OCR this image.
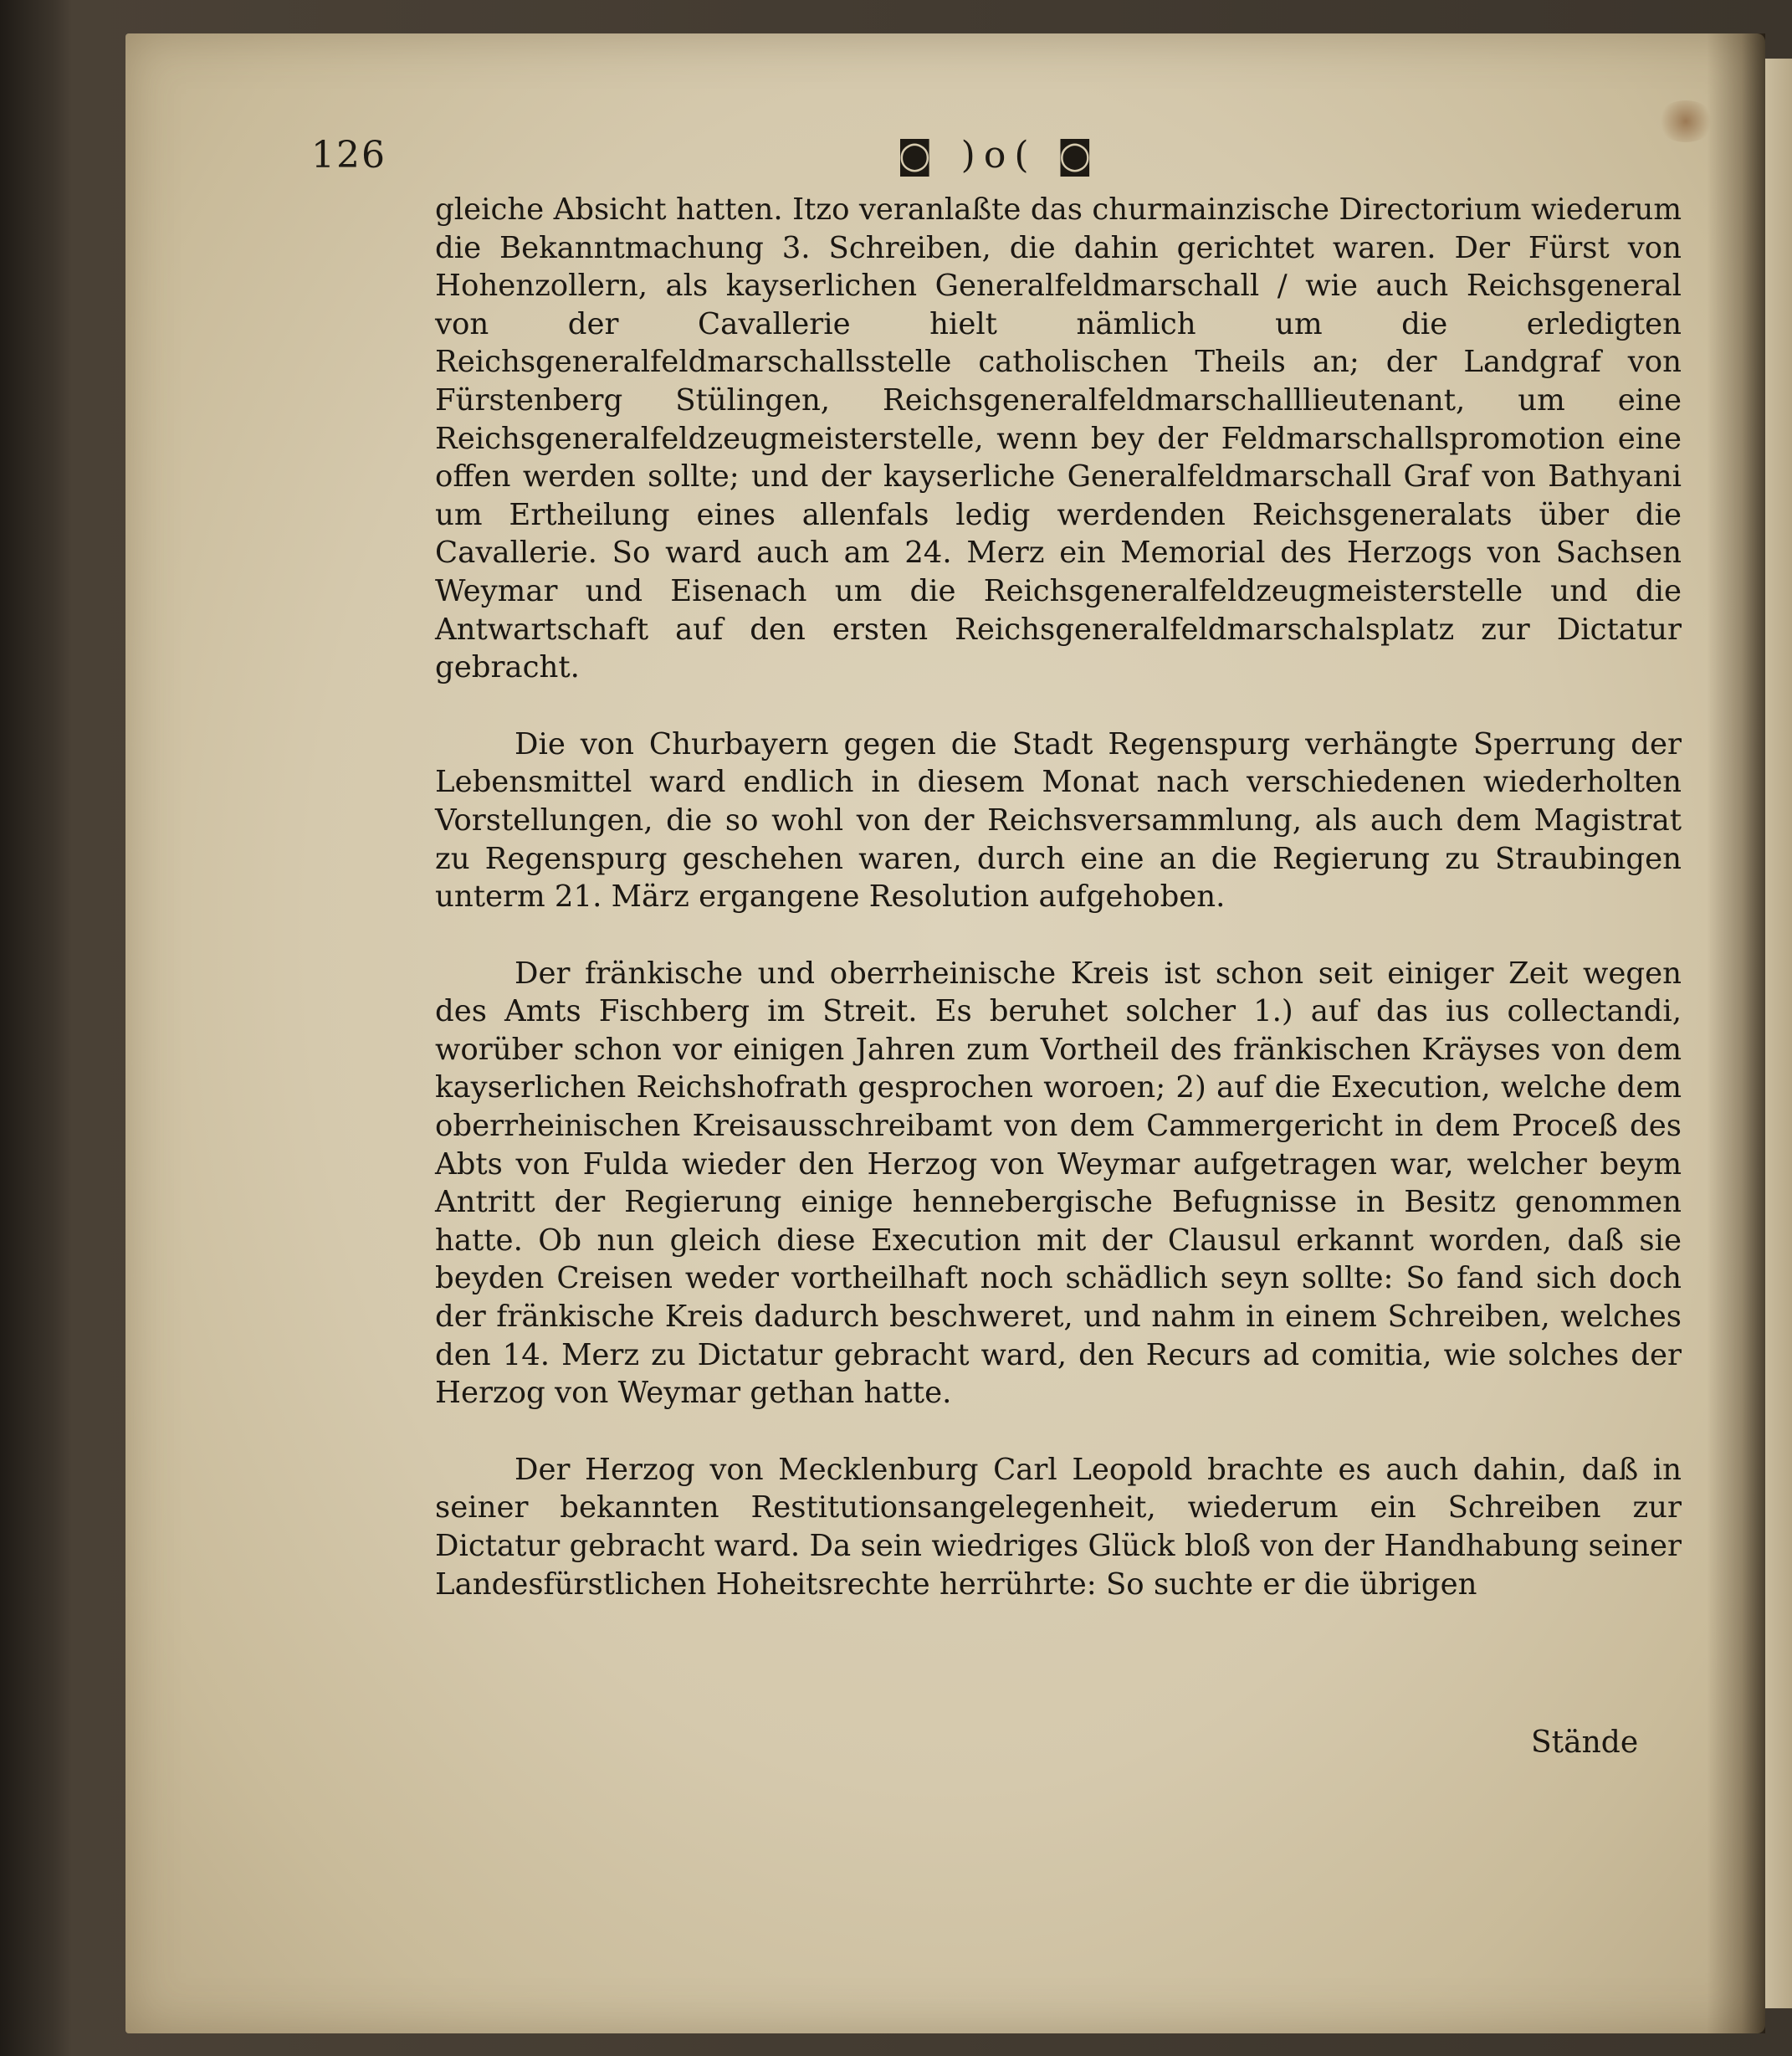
126	◙ )o( ◙

gleiche Absicht hatten. Itzo veranlaßte das churmainzische Directorium wiederum die Bekanntmachung 3. Schreiben, die dahin gerichtet waren. Der Fürst von Hohenzollern, als kayserlichen Generalfeldmarschall / wie auch Reichsgeneral von der Cavallerie hielt nämlich um die erledigten Reichsgeneralfeldmarschallsstelle catholischen Theils an; der Landgraf von Fürstenberg Stülingen, Reichsgeneralfeldmarschalllieutenant, um eine Reichsgeneralfeldzeugmeisterstelle, wenn bey der Feldmarschallspromotion eine offen werden sollte; und der kayserliche Generalfeldmarschall Graf von Bathyani um Ertheilung eines allenfals ledig werdenden Reichsgeneralats über die Cavallerie. So ward auch am 24. Merz ein Memorial des Herzogs von Sachsen Weymar und Eisenach um die Reichsgeneralfeldzeugmeisterstelle und die Antwartschaft auf den ersten Reichsgeneralfeldmarschalsplatz zur Dictatur gebracht.

Die von Churbayern gegen die Stadt Regenspurg verhängte Sperrung der Lebensmittel ward endlich in diesem Monat nach verschiedenen wiederholten Vorstellungen, die so wohl von der Reichsversammlung, als auch dem Magistrat zu Regenspurg geschehen waren, durch eine an die Regierung zu Straubingen unterm 21. März ergangene Resolution aufgehoben.

Der fränkische und oberrheinische Kreis ist schon seit einiger Zeit wegen des Amts Fischberg im Streit. Es beruhet solcher 1.) auf das ius collectandi, worüber schon vor einigen Jahren zum Vortheil des fränkischen Kräyses von dem kayserlichen Reichshofrath gesprochen woroen; 2) auf die Execution, welche dem oberrheinischen Kreisausschreibamt von dem Cammergericht in dem Proceß des Abts von Fulda wieder den Herzog von Weymar aufgetragen war, welcher beym Antritt der Regierung einige hennebergische Befugnisse in Besitz genommen hatte. Ob nun gleich diese Execution mit der Clausul erkannt worden, daß sie beyden Creisen weder vortheilhaft noch schädlich seyn sollte: So fand sich doch der fränkische Kreis dadurch beschweret, und nahm in einem Schreiben, welches den 14. Merz zu Dictatur gebracht ward, den Recurs ad comitia, wie solches der Herzog von Weymar gethan hatte.

Der Herzog von Mecklenburg Carl Leopold brachte es auch dahin, daß in seiner bekannten Restitutionsangelegenheit, wiederum ein Schreiben zur Dictatur gebracht ward. Da sein wiedriges Glück bloß von der Handhabung seiner Landesfürstlichen Hoheitsrechte herrührte: So suchte er die übrigen

Stände
